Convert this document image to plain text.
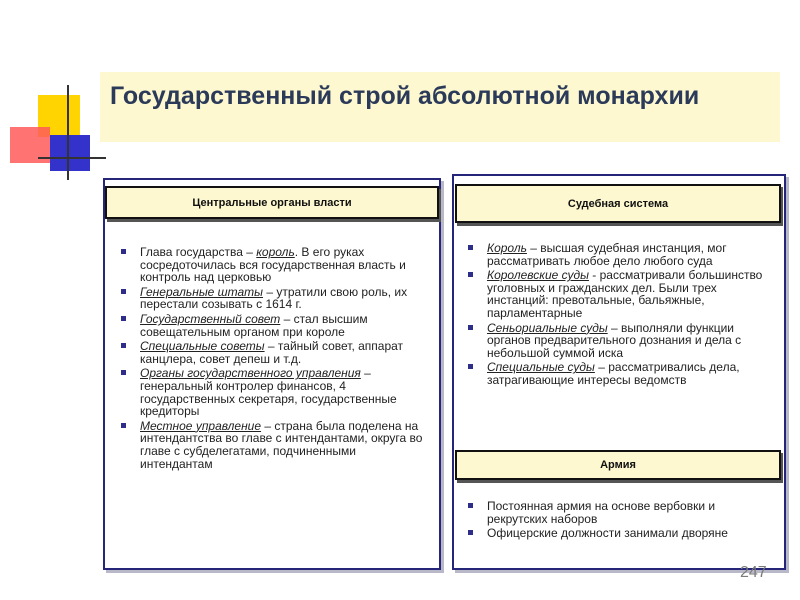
Государственный строй абсолютной монархии
Центральные органы власти
Глава государства – король. В его руках сосредоточилась вся государственная власть и контроль над церковью
Генеральные штаты – утратили свою роль, их перестали созывать с 1614 г.
Государственный совет – стал высшим совещательным органом при короле
Специальные советы – тайный совет, аппарат канцлера, совет депеш и т.д.
Органы государственного управления – генеральный контролер финансов, 4 государственных секретаря, государственные кредиторы
Местное управление – страна была поделена на интендантства во главе с интендантами, округа во главе с субделегатами, подчиненными интендантам
Судебная система
Король – высшая судебная инстанция, мог рассматривать любое дело любого суда
Королевские суды - рассматривали большинство уголовных и гражданских дел. Были трех инстанций: превотальные, бальяжные, парламентарные
Сеньориальные суды – выполняли функции органов предварительного дознания и дела с небольшой суммой иска
Специальные суды – рассматривались дела, затрагивающие интересы ведомств
Армия
Постоянная армия на основе вербовки и рекрутских наборов
Офицерские должности занимали дворяне
247
